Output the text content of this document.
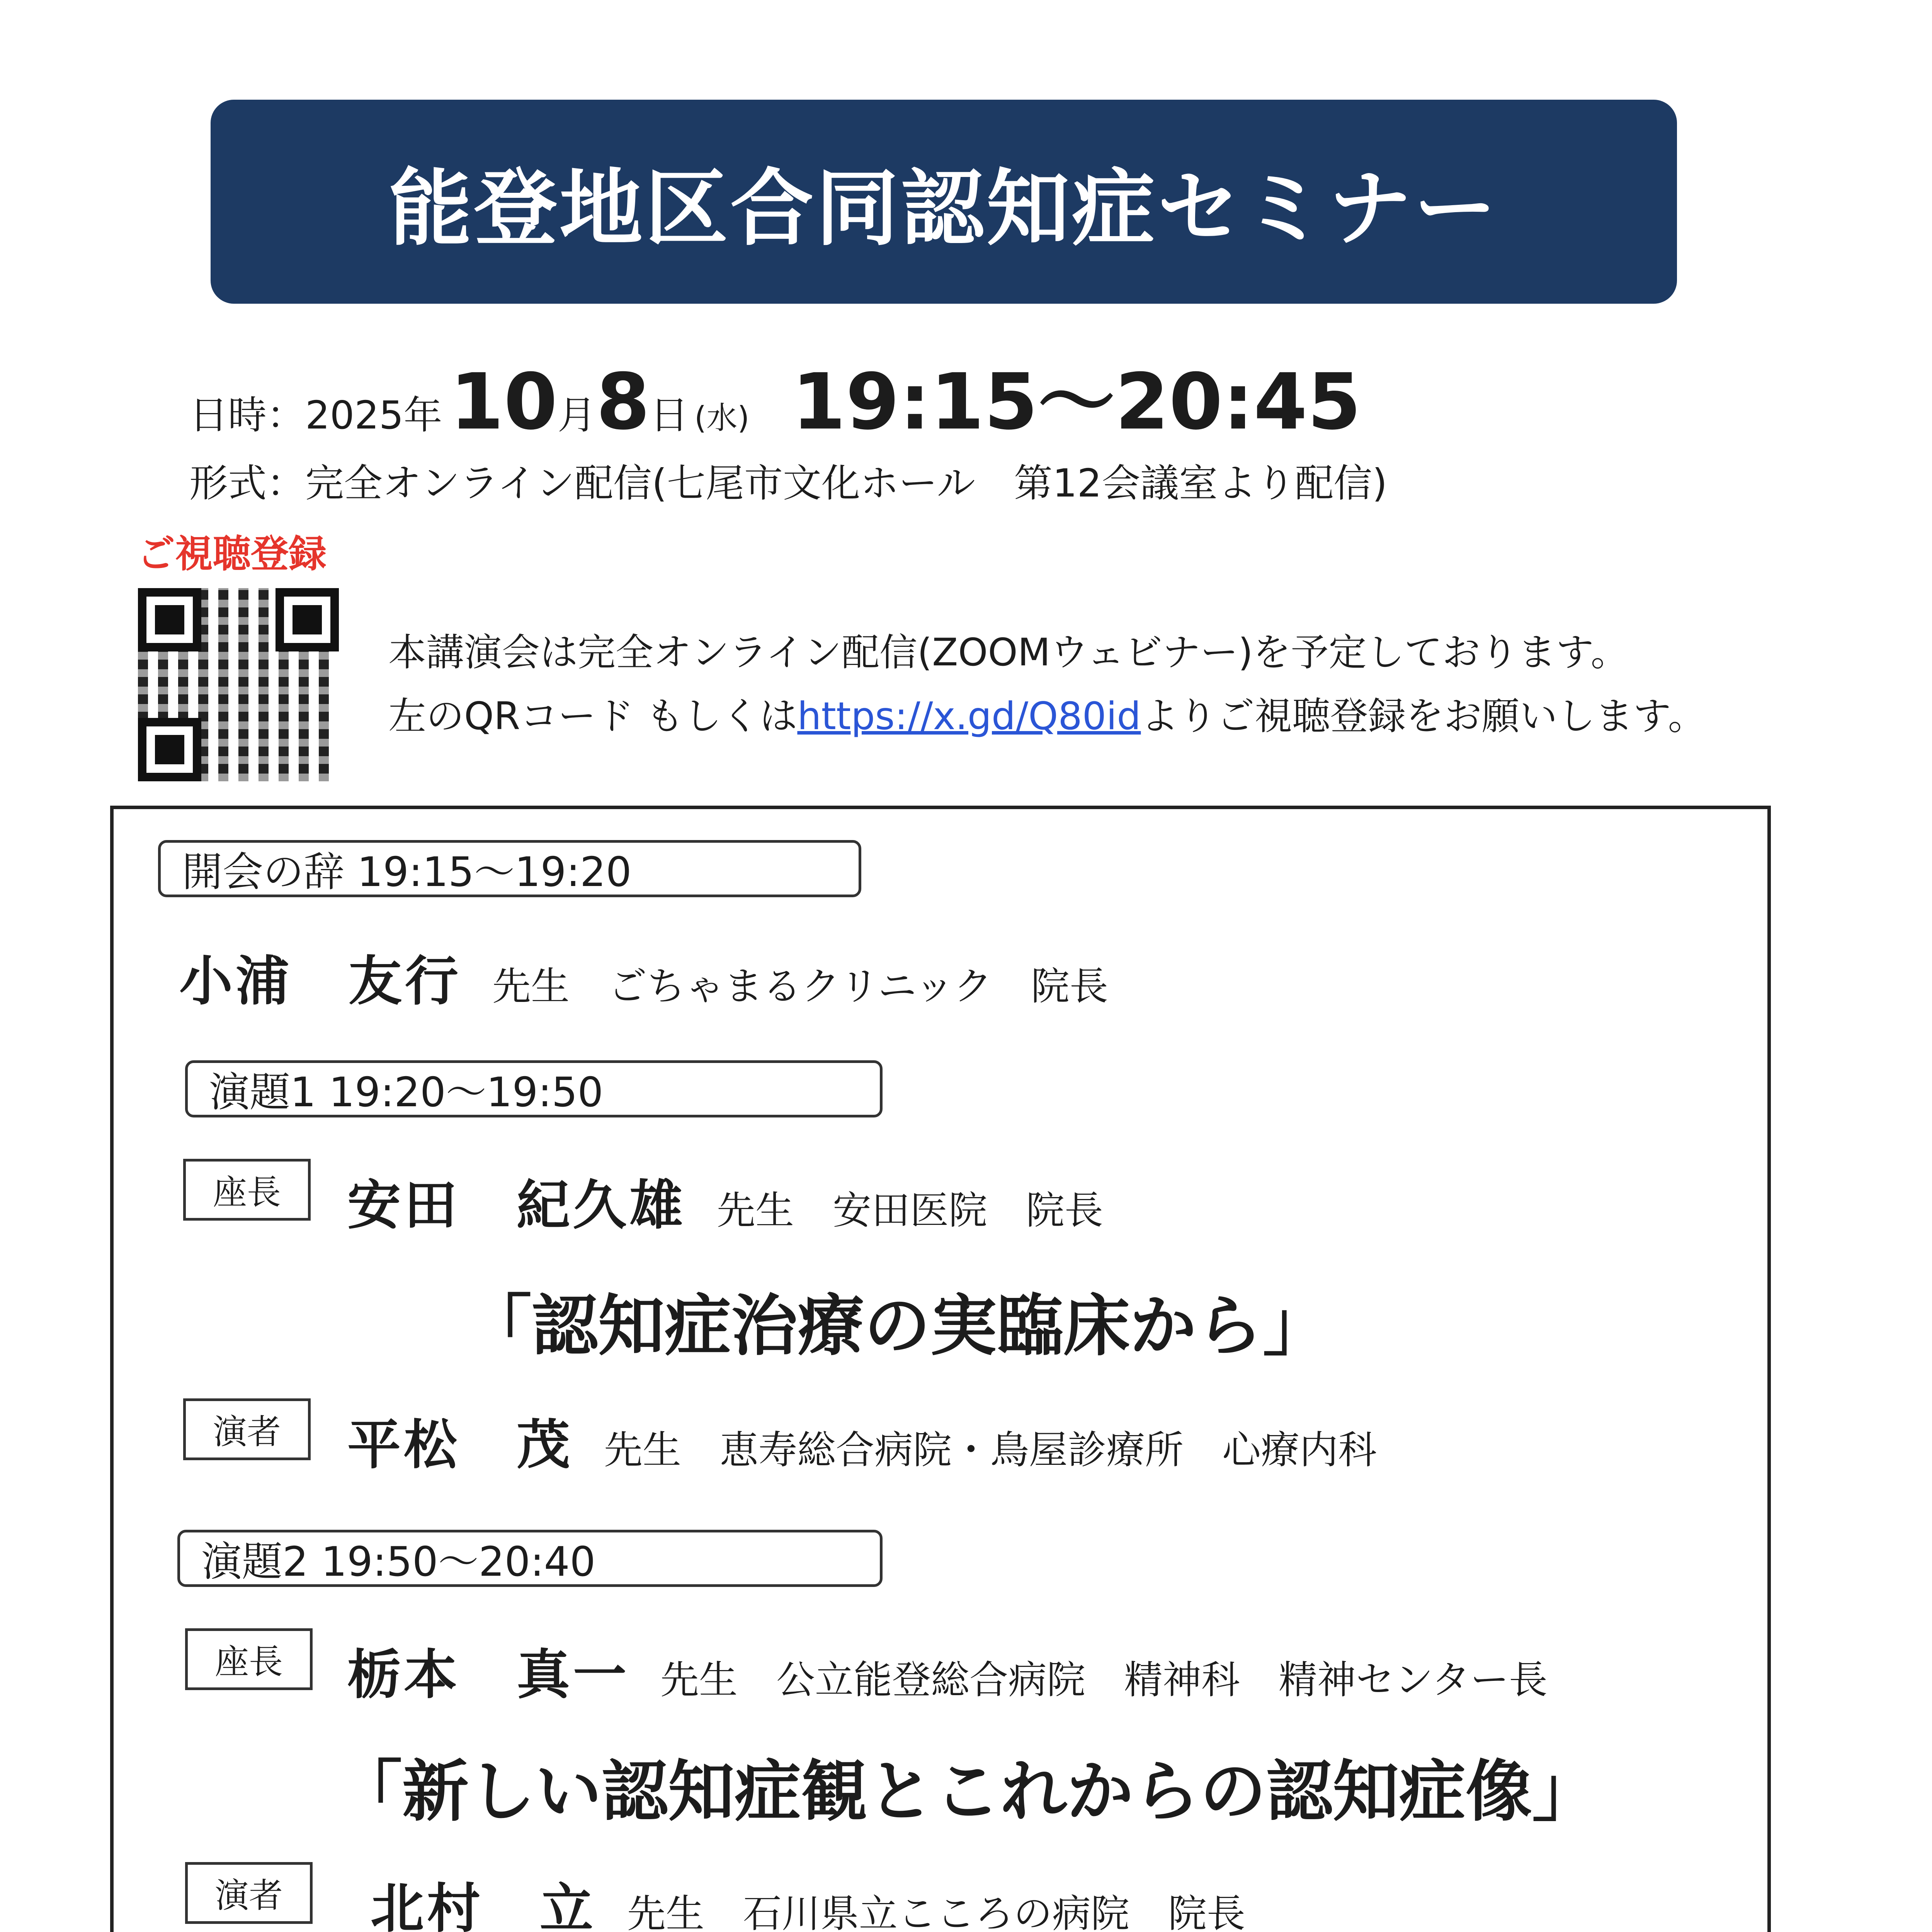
能登地区合同認知症セミナー
日時： 2025年 10 月 8 日 (水) 19:15～20:45
形式：完全オンライン配信(七尾市文化ホール　第12会議室より配信)
ご視聴登録
本講演会は完全オンライン配信(ZOOMウェビナー)を予定しております。
左のQRコード もしくは https://x.gd/Q80id よりご視聴登録をお願いします。
開会の辞 19:15～19:20
小浦　友行 先生 ごちゃまるクリニック　院長
演題1 19:20～19:50
座長	安田　紀久雄 先生 安田医院　院長
「認知症治療の実臨床から」
演者	平松　茂 先生 恵寿総合病院・鳥屋診療所　心療内科
演題2 19:50～20:40
座長	栃本　真一 先生 公立能登総合病院　精神科　精神センター長
「新しい認知症観とこれからの認知症像」
演者	北村　立 先生 石川県立こころの病院　院長
